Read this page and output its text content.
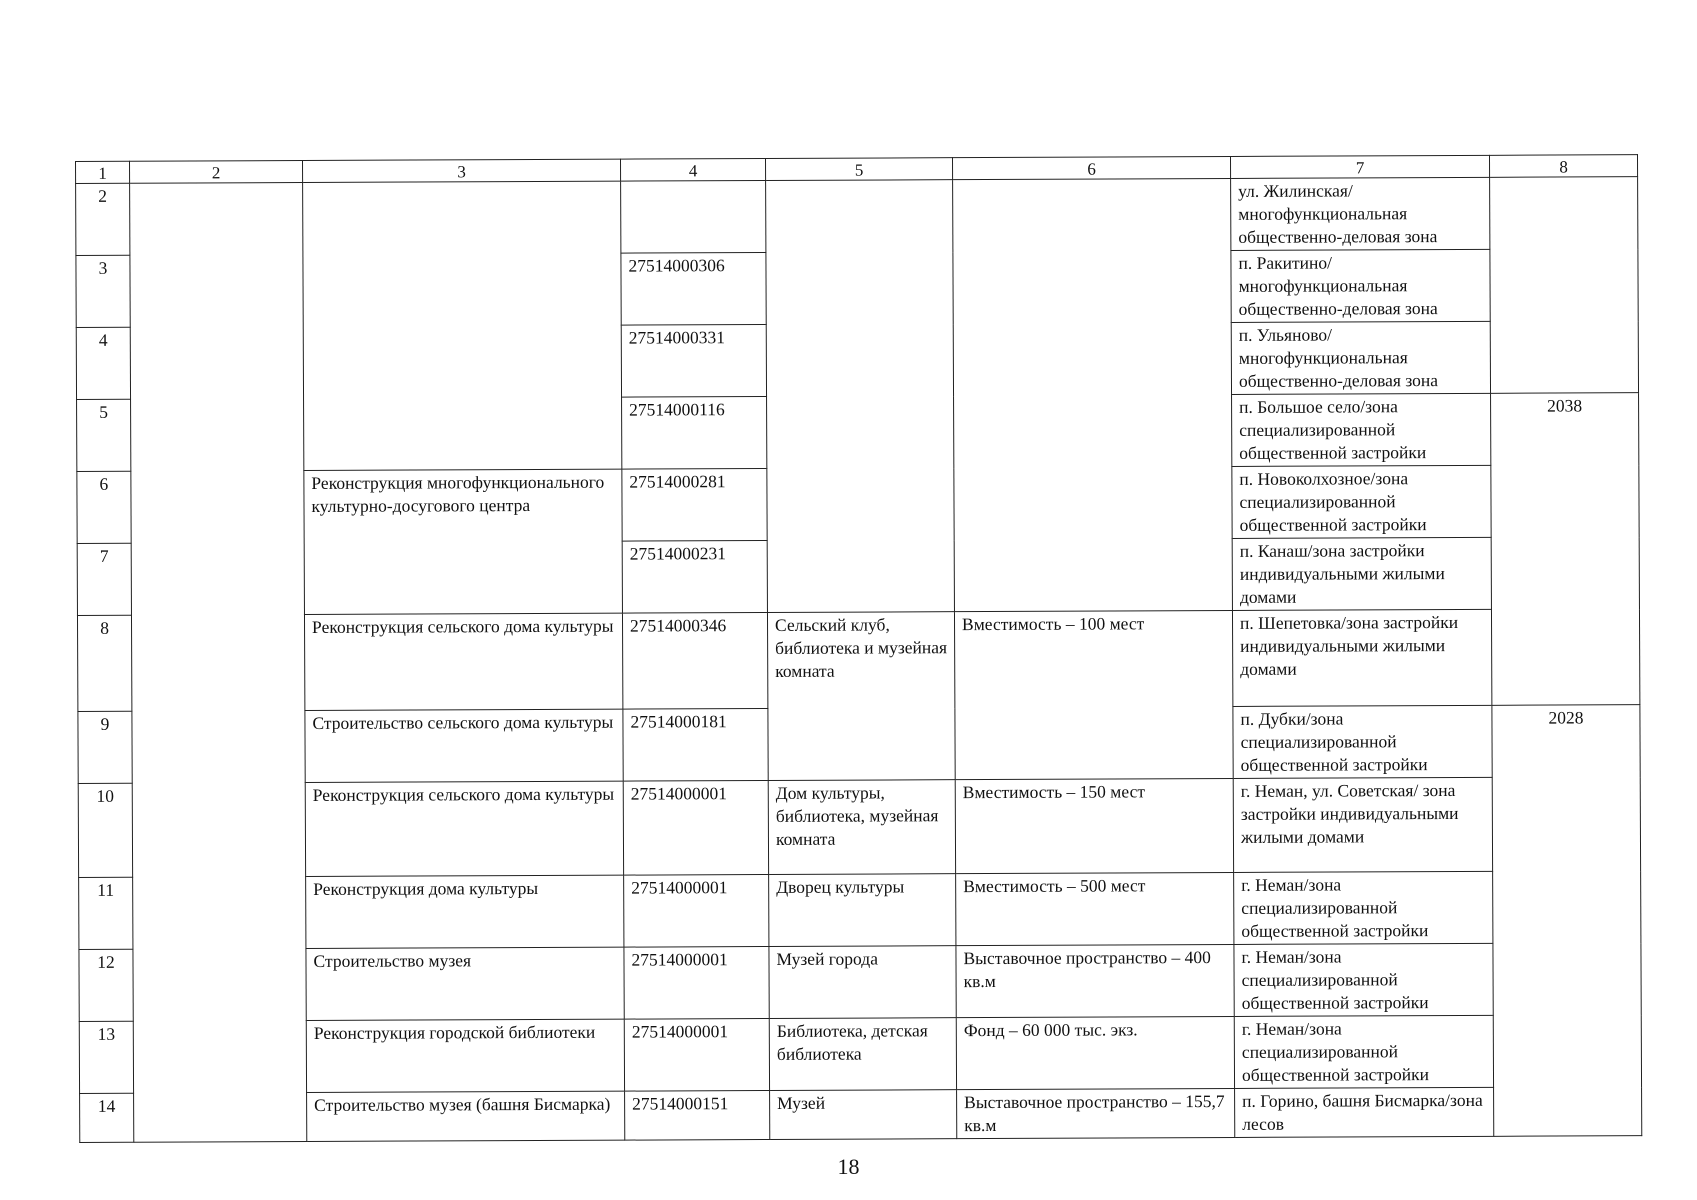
1	2	3	4	5	6	7	8
2						ул. Жилинская/ многофункциональная общественно-деловая зона	
3			27514000306			п. Ракитино/ многофункциональная общественно-деловая зона	
4			27514000331			п. Ульяново/ многофункциональная общественно-деловая зона	
5			27514000116			п. Большое село/зона специализированной общественной застройки	2038
6		Реконструкция многофункционального культурно-досугового центра	27514000281			п. Новоколхозное/зона специализированной общественной застройки	
7			27514000231			п. Канаш/зона застройки индивидуальными жилыми домами	
8		Реконструкция сельского дома культуры	27514000346	Сельский клуб, библиотека и музейная комната	Вместимость – 100 мест	п. Шепетовка/зона застройки индивидуальными жилыми домами	
9		Строительство сельского дома культуры	27514000181			п. Дубки/зона специализированной общественной застройки	2028
10		Реконструкция сельского дома культуры	27514000001	Дом культуры, библиотека, музейная комната	Вместимость – 150 мест	г. Неман, ул. Советская/ зона застройки индивидуальными жилыми домами	
11		Реконструкция дома культуры	27514000001	Дворец культуры	Вместимость – 500 мест	г. Неман/зона специализированной общественной застройки	
12		Строительство музея	27514000001	Музей города	Выставочное пространство – 400 кв.м	г. Неман/зона специализированной общественной застройки	
13		Реконструкция городской библиотеки	27514000001	Библиотека, детская библиотека	Фонд – 60 000 тыс. экз.	г. Неман/зона специализированной общественной застройки	
14		Строительство музея (башня Бисмарка)	27514000151	Музей	Выставочное пространство – 155,7 кв.м	п. Горино, башня Бисмарка/зона лесов	
18
